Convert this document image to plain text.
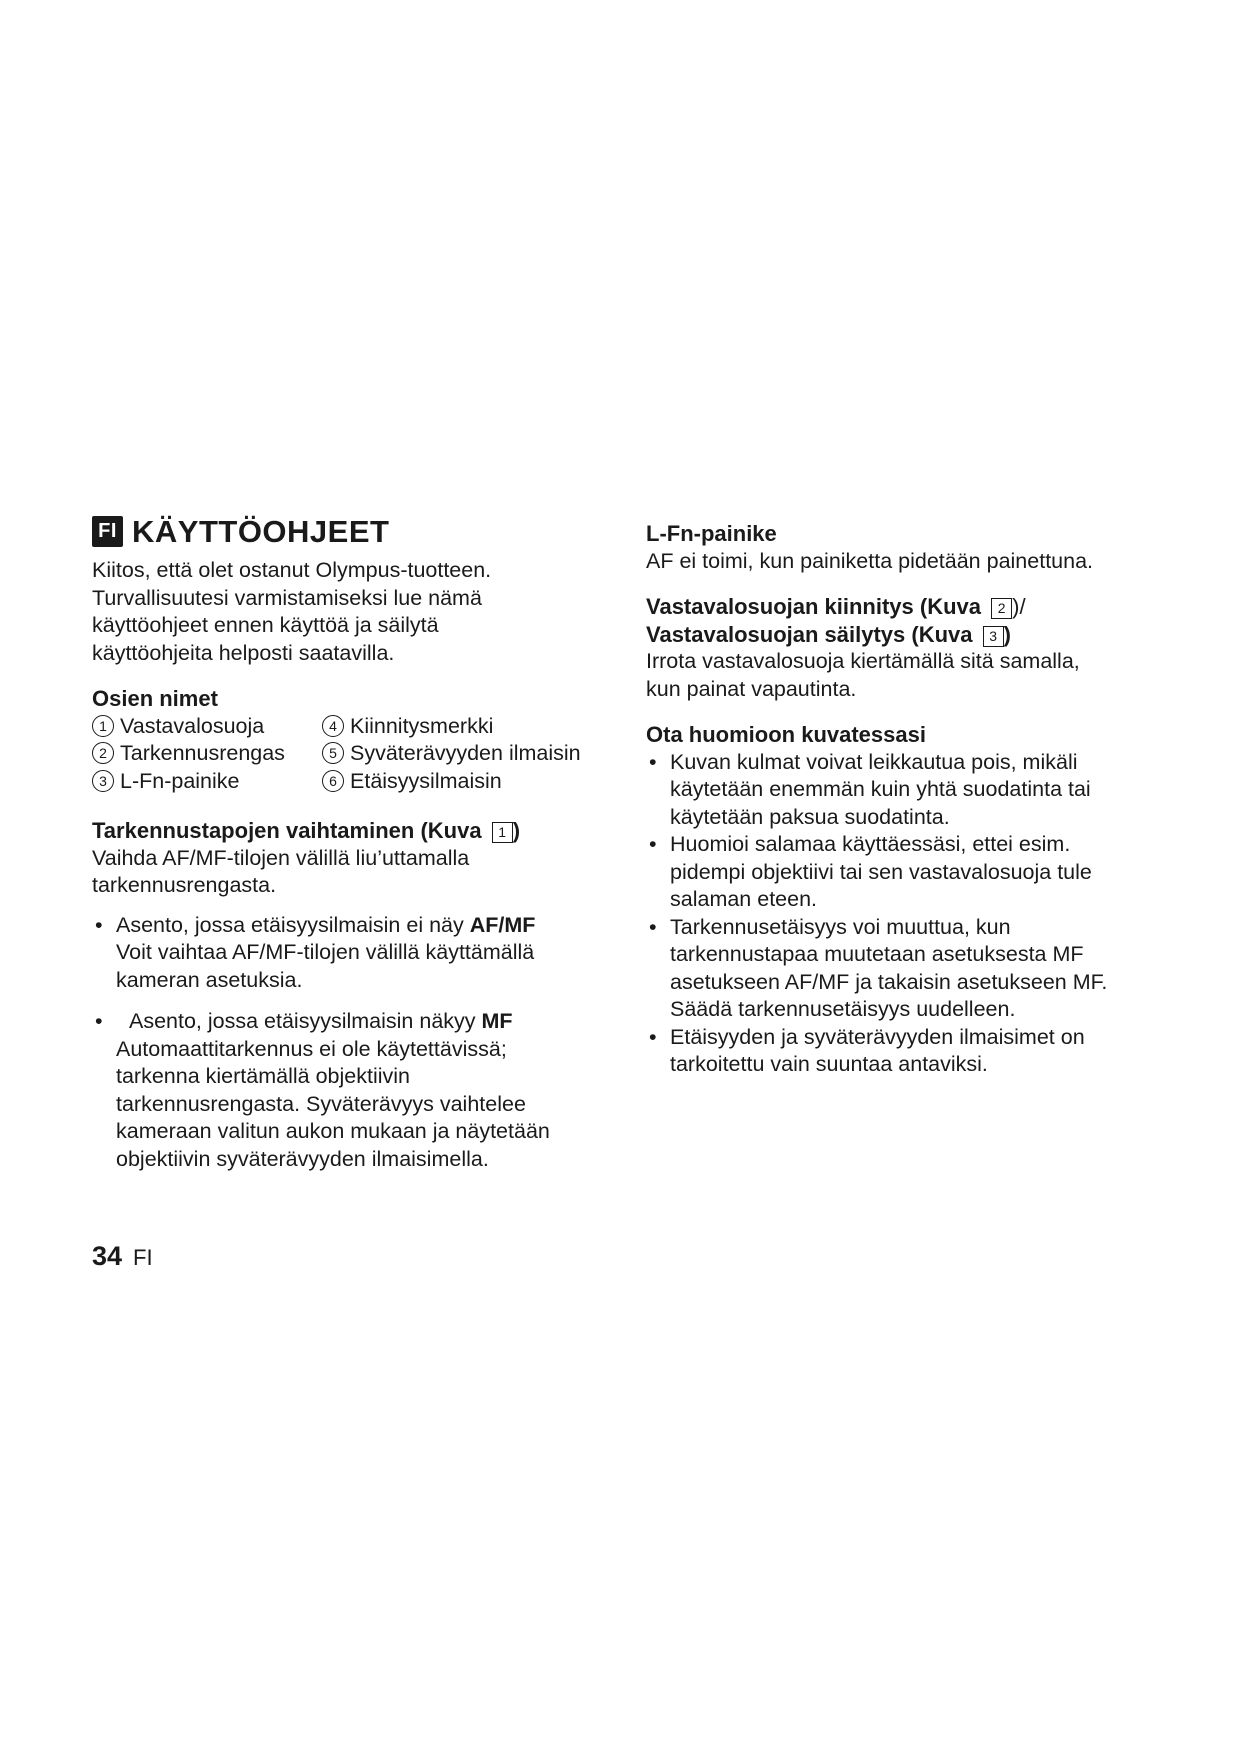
FI KÄYTTÖOHJEET

Kiitos, että olet ostanut Olympus-tuotteen.

Turvallisuutesi varmistamiseksi lue nämä

käyttöohjeet ennen käyttöä ja säilytä

käyttöohjeita helposti saatavilla.

Osien nimet
1 Vastavalosuoja	4 Kiinnitysmerkki
2 Tarkennusrengas	5 Syväterävyyden ilmaisin
3 L-Fn-painike	6 Etäisyysilmaisin
Tarkennustapojen vaihtaminen (Kuva 1 )

Vaihda AF/MF-tilojen välillä liu’uttamalla

tarkennusrengasta.

• Asento, jossa etäisyysilmaisin ei näy AF/MF
Voit vaihtaa AF/MF-tilojen välillä käyttämällä
kameran asetuksia.
• Asento, jossa etäisyysilmaisin näkyy MF
Automaattitarkennus ei ole käytettävissä;
tarkenna kiertämällä objektiivin
tarkennusrengasta. Syväterävyys vaihtelee
kameraan valitun aukon mukaan ja näytetään
objektiivin syväterävyyden ilmaisimella.
L-Fn-painike

AF ei toimi, kun painiketta pidetään painettuna.

Vastavalosuojan kiinnitys (Kuva 2 )/
Vastavalosuojan säilytys (Kuva 3 )

Irrota vastavalosuoja kiertämällä sitä samalla,

kun painat vapautinta.

Ota huomioon kuvatessasi
• Kuvan kulmat voivat leikkautua pois, mikäli
käytetään enemmän kuin yhtä suodatinta tai
käytetään paksua suodatinta.
• Huomioi salamaa käyttäessäsi, ettei esim.
pidempi objektiivi tai sen vastavalosuoja tule
salaman eteen.
• Tarkennusetäisyys voi muuttua, kun
tarkennustapaa muutetaan asetuksesta MF
asetukseen AF/MF ja takaisin asetukseen MF.
Säädä tarkennusetäisyys uudelleen.
• Etäisyyden ja syväterävyyden ilmaisimet on
tarkoitettu vain suuntaa antaviksi.
34 FI
